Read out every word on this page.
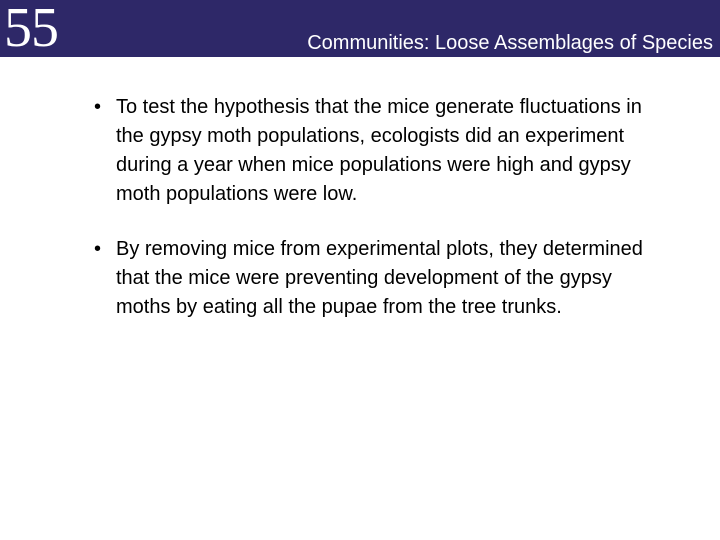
55	Communities: Loose Assemblages of Species
• To test the hypothesis that the mice generate fluctuations in the gypsy moth populations, ecologists did an experiment during a year when mice populations were high and gypsy moth populations were low.
• By removing mice from experimental plots, they determined that the mice were preventing development of the gypsy moths by eating all the pupae from the tree trunks.
